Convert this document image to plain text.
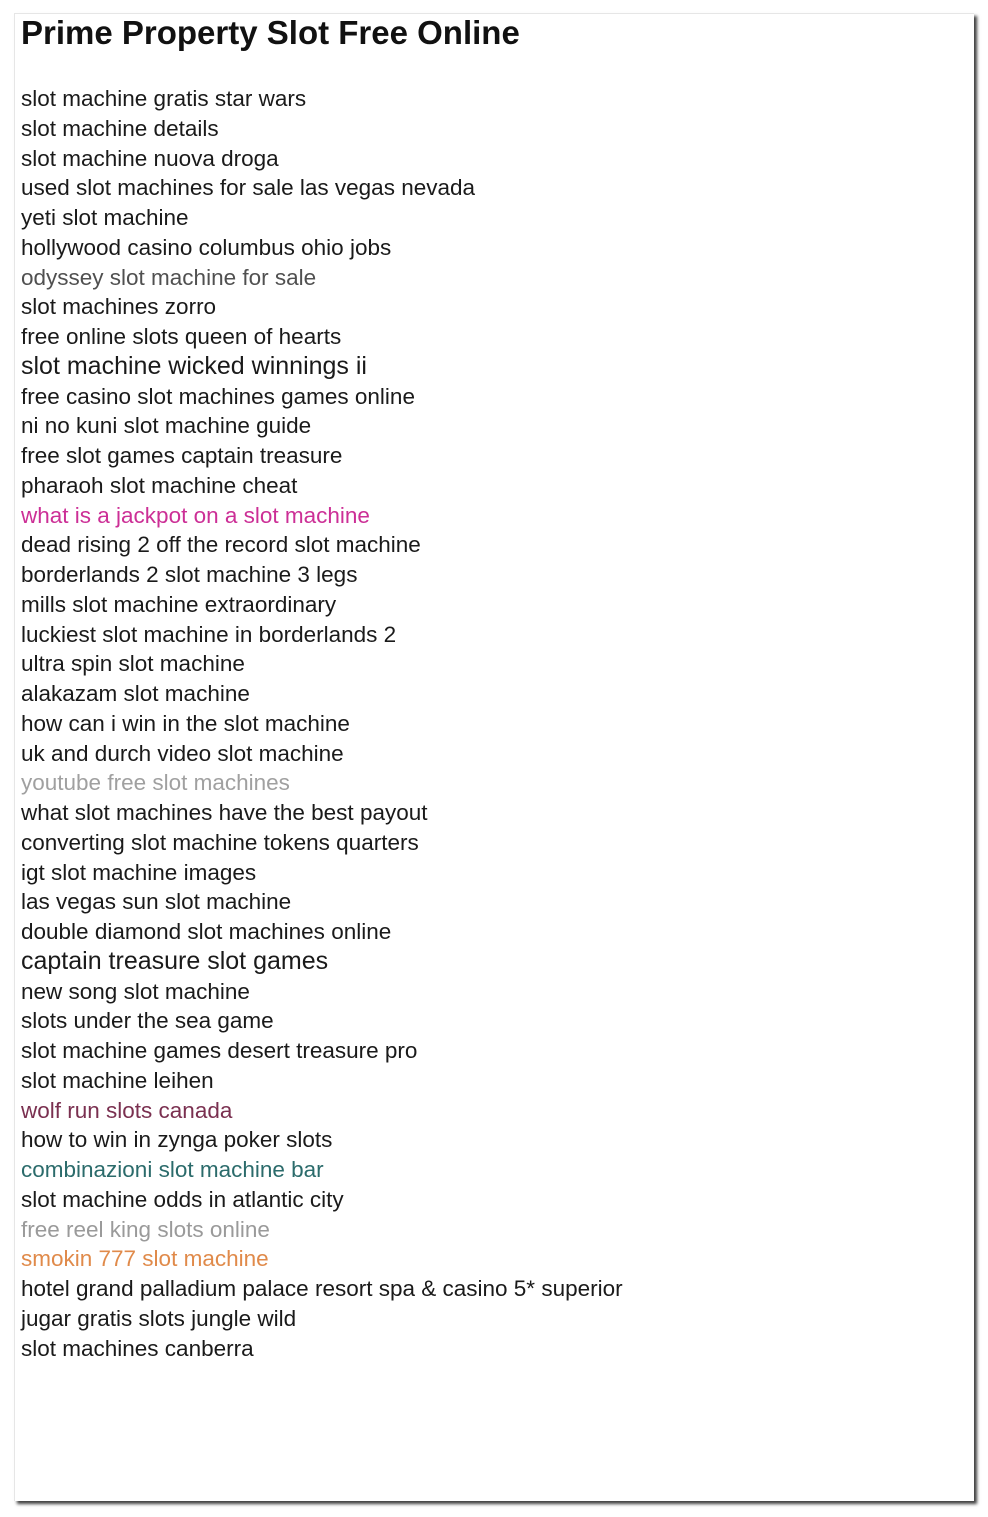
Prime Property Slot Free Online
slot machine gratis star wars
slot machine details
slot machine nuova droga
used slot machines for sale las vegas nevada
yeti slot machine
hollywood casino columbus ohio jobs
odyssey slot machine for sale
slot machines zorro
free online slots queen of hearts
slot machine wicked winnings ii
free casino slot machines games online
ni no kuni slot machine guide
free slot games captain treasure
pharaoh slot machine cheat
what is a jackpot on a slot machine
dead rising 2 off the record slot machine
borderlands 2 slot machine 3 legs
mills slot machine extraordinary
luckiest slot machine in borderlands 2
ultra spin slot machine
alakazam slot machine
how can i win in the slot machine
uk and durch video slot machine
youtube free slot machines
what slot machines have the best payout
converting slot machine tokens quarters
igt slot machine images
las vegas sun slot machine
double diamond slot machines online
captain treasure slot games
new song slot machine
slots under the sea game
slot machine games desert treasure pro
slot machine leihen
wolf run slots canada
how to win in zynga poker slots
combinazioni slot machine bar
slot machine odds in atlantic city
free reel king slots online
smokin 777 slot machine
hotel grand palladium palace resort spa & casino 5* superior
jugar gratis slots jungle wild
slot machines canberra
